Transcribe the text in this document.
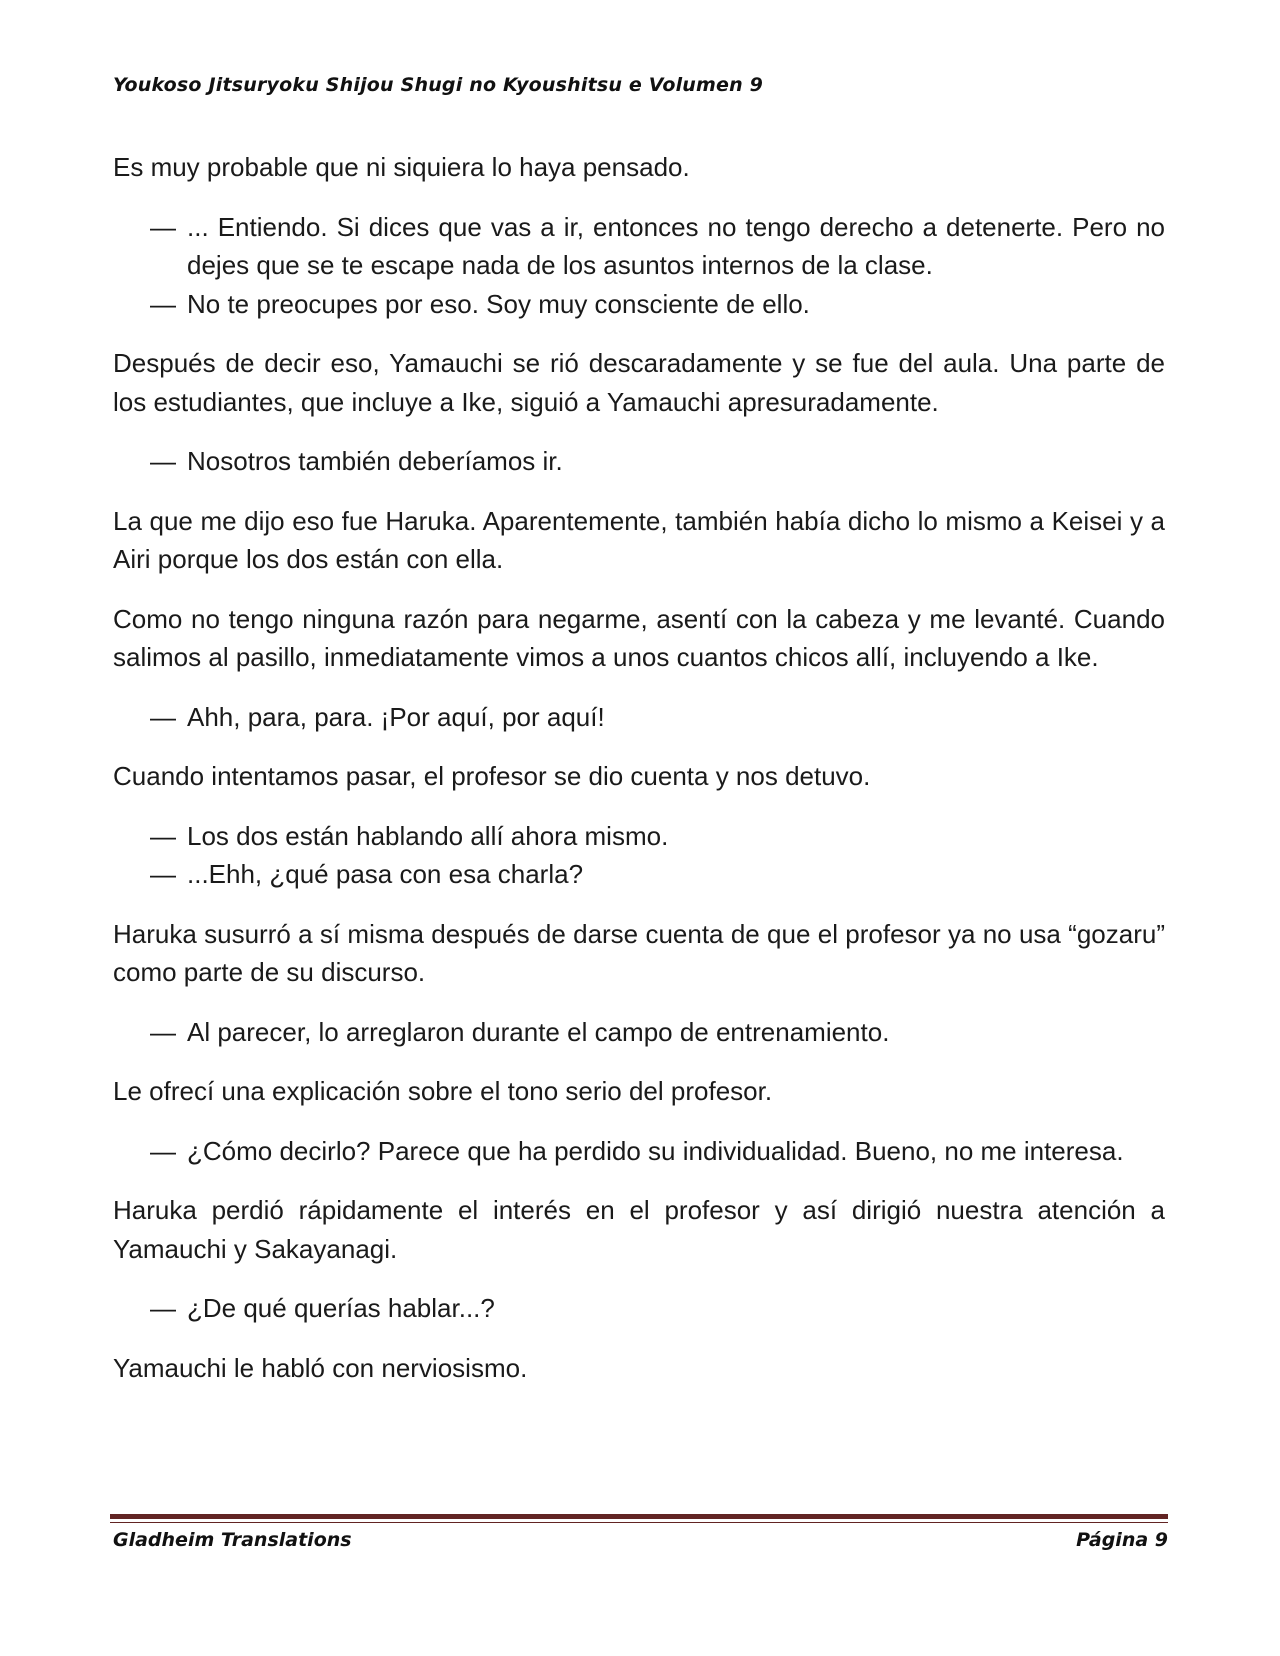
Youkoso Jitsuryoku Shijou Shugi no Kyoushitsu e Volumen 9

Es muy probable que ni siquiera lo haya pensado.

— ... Entiendo. Si dices que vas a ir, entonces no tengo derecho a detenerte. Pero no dejes que se te escape nada de los asuntos internos de la clase.

— No te preocupes por eso. Soy muy consciente de ello.

Después de decir eso, Yamauchi se rió descaradamente y se fue del aula. Una parte de los estudiantes, que incluye a Ike, siguió a Yamauchi apresuradamente.

— Nosotros también deberíamos ir.

La que me dijo eso fue Haruka. Aparentemente, también había dicho lo mismo a Keisei y a Airi porque los dos están con ella.

Como no tengo ninguna razón para negarme, asentí con la cabeza y me levanté. Cuando salimos al pasillo, inmediatamente vimos a unos cuantos chicos allí, incluyendo a Ike.

— Ahh, para, para. ¡Por aquí, por aquí!

Cuando intentamos pasar, el profesor se dio cuenta y nos detuvo.

— Los dos están hablando allí ahora mismo.

— ...Ehh, ¿qué pasa con esa charla?

Haruka susurró a sí misma después de darse cuenta de que el profesor ya no usa “gozaru” como parte de su discurso.

— Al parecer, lo arreglaron durante el campo de entrenamiento.

Le ofrecí una explicación sobre el tono serio del profesor.

— ¿Cómo decirlo? Parece que ha perdido su individualidad. Bueno, no me interesa.

Haruka perdió rápidamente el interés en el profesor y así dirigió nuestra atención a Yamauchi y Sakayanagi.

— ¿De qué querías hablar...?

Yamauchi le habló con nerviosismo.

Gladheim Translations	Página 9
